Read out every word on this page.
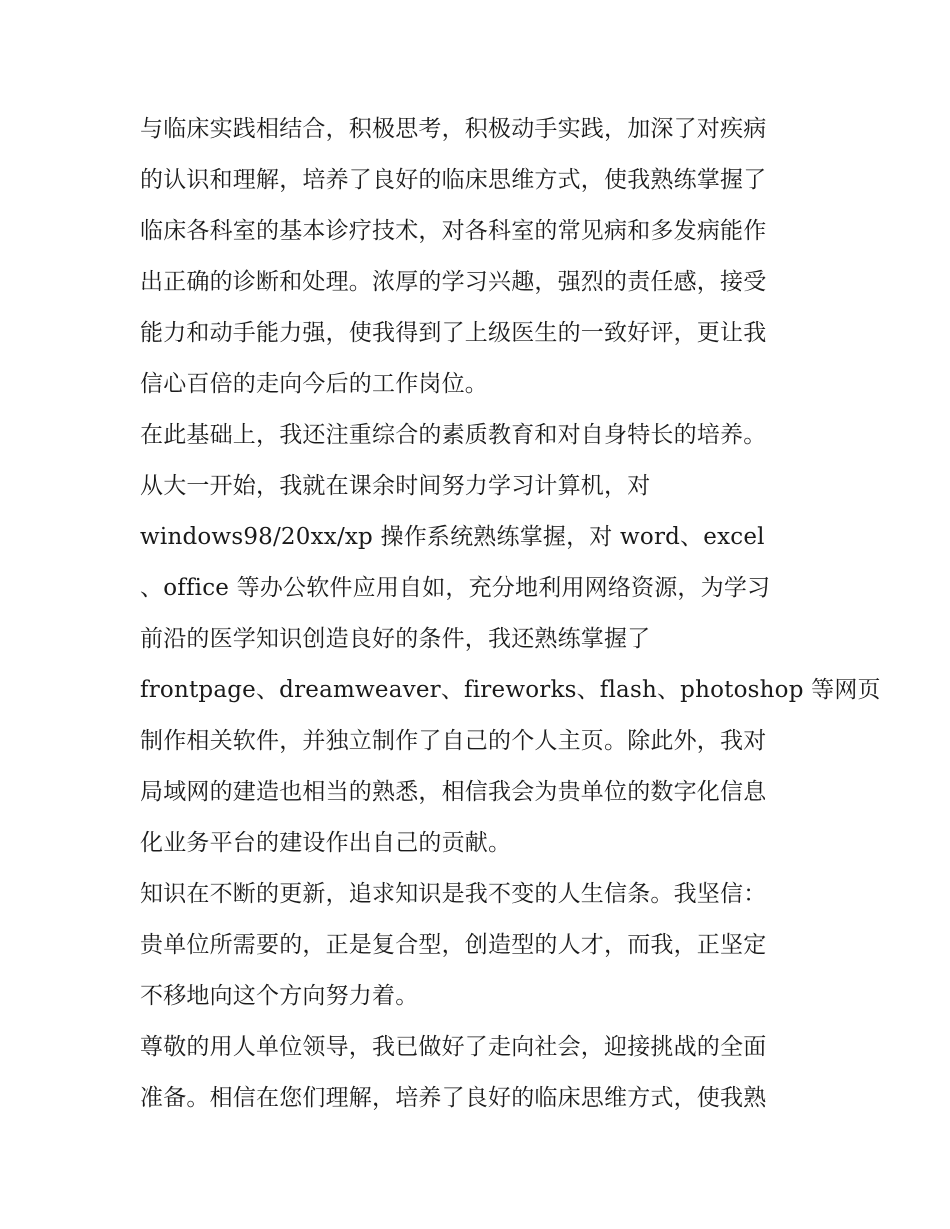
与临床实践相结合，积极思考，积极动手实践，加深了对疾病
的认识和理解，培养了良好的临床思维方式，使我熟练掌握了
临床各科室的基本诊疗技术，对各科室的常见病和多发病能作
出正确的诊断和处理。浓厚的学习兴趣，强烈的责任感，接受
能力和动手能力强，使我得到了上级医生的一致好评，更让我
信心百倍的走向今后的工作岗位。
在此基础上，我还注重综合的素质教育和对自身特长的培养。
从大一开始，我就在课余时间努力学习计算机，对
windows98/20xx/xp 操作系统熟练掌握，对 word、excel
、office 等办公软件应用自如，充分地利用网络资源，为学习
前沿的医学知识创造良好的条件，我还熟练掌握了
frontpage、dreamweaver、fireworks、flash、photoshop 等网页
制作相关软件，并独立制作了自己的个人主页。除此外，我对
局域网的建造也相当的熟悉，相信我会为贵单位的数字化信息
化业务平台的建设作出自己的贡献。
知识在不断的更新，追求知识是我不变的人生信条。我坚信：
贵单位所需要的，正是复合型，创造型的人才，而我，正坚定
不移地向这个方向努力着。
尊敬的用人单位领导，我已做好了走向社会，迎接挑战的全面
准备。相信在您们理解，培养了良好的临床思维方式，使我熟
